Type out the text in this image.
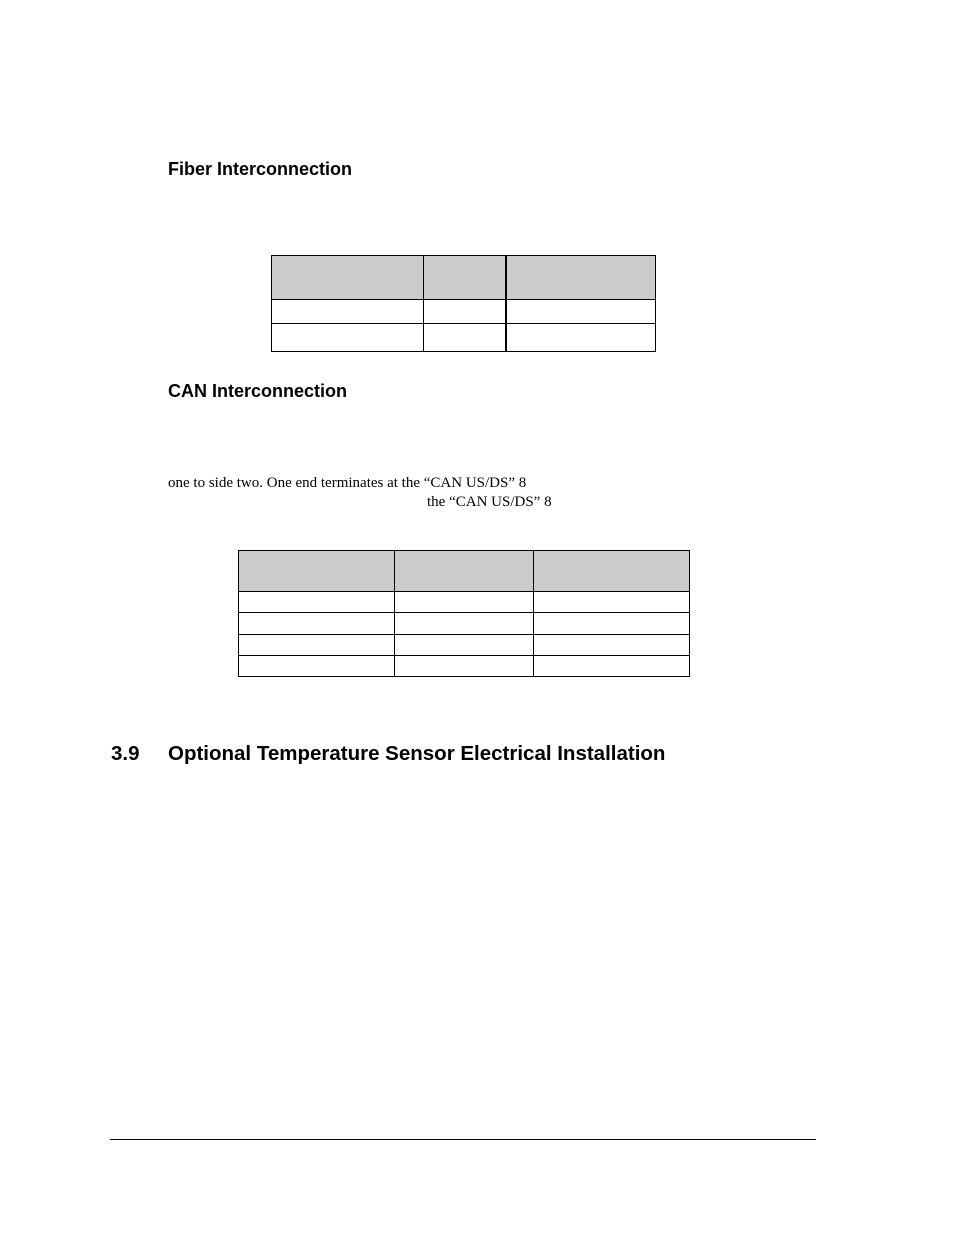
Fiber Interconnection

CAN Interconnection
one to side two. One end terminates at the “CAN US/DS” 8
the “CAN US/DS” 8

3.9 Optional Temperature Sensor Electrical Installation
